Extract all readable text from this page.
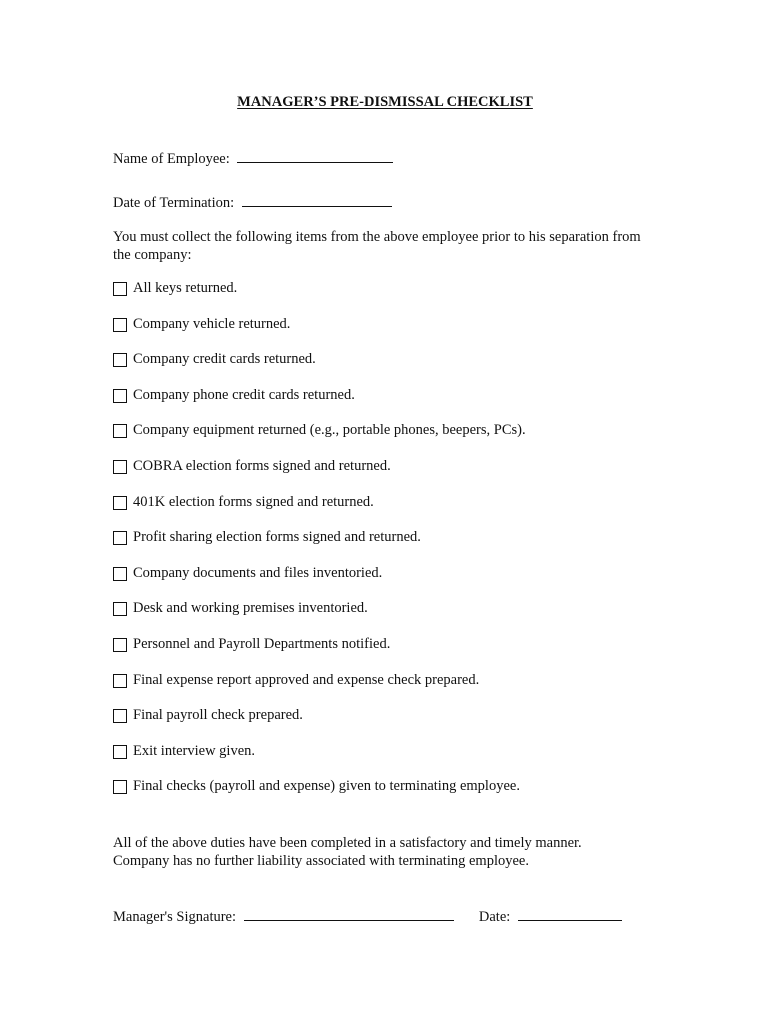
MANAGER’S PRE-DISMISSAL CHECKLIST
Name of Employee:
Date of Termination:
You must collect the following items from the above employee prior to his separation from the company:
All keys returned.
Company vehicle returned.
Company credit cards returned.
Company phone credit cards returned.
Company equipment returned (e.g., portable phones, beepers, PCs).
COBRA election forms signed and returned.
401K election forms signed and returned.
Profit sharing election forms signed and returned.
Company documents and files inventoried.
Desk and working premises inventoried.
Personnel and Payroll Departments notified.
Final expense report approved and expense check prepared.
Final payroll check prepared.
Exit interview given.
Final checks (payroll and expense) given to terminating employee.
All of the above duties have been completed in a satisfactory and timely manner.
Company has no further liability associated with terminating employee.
Manager's Signature:	Date:
